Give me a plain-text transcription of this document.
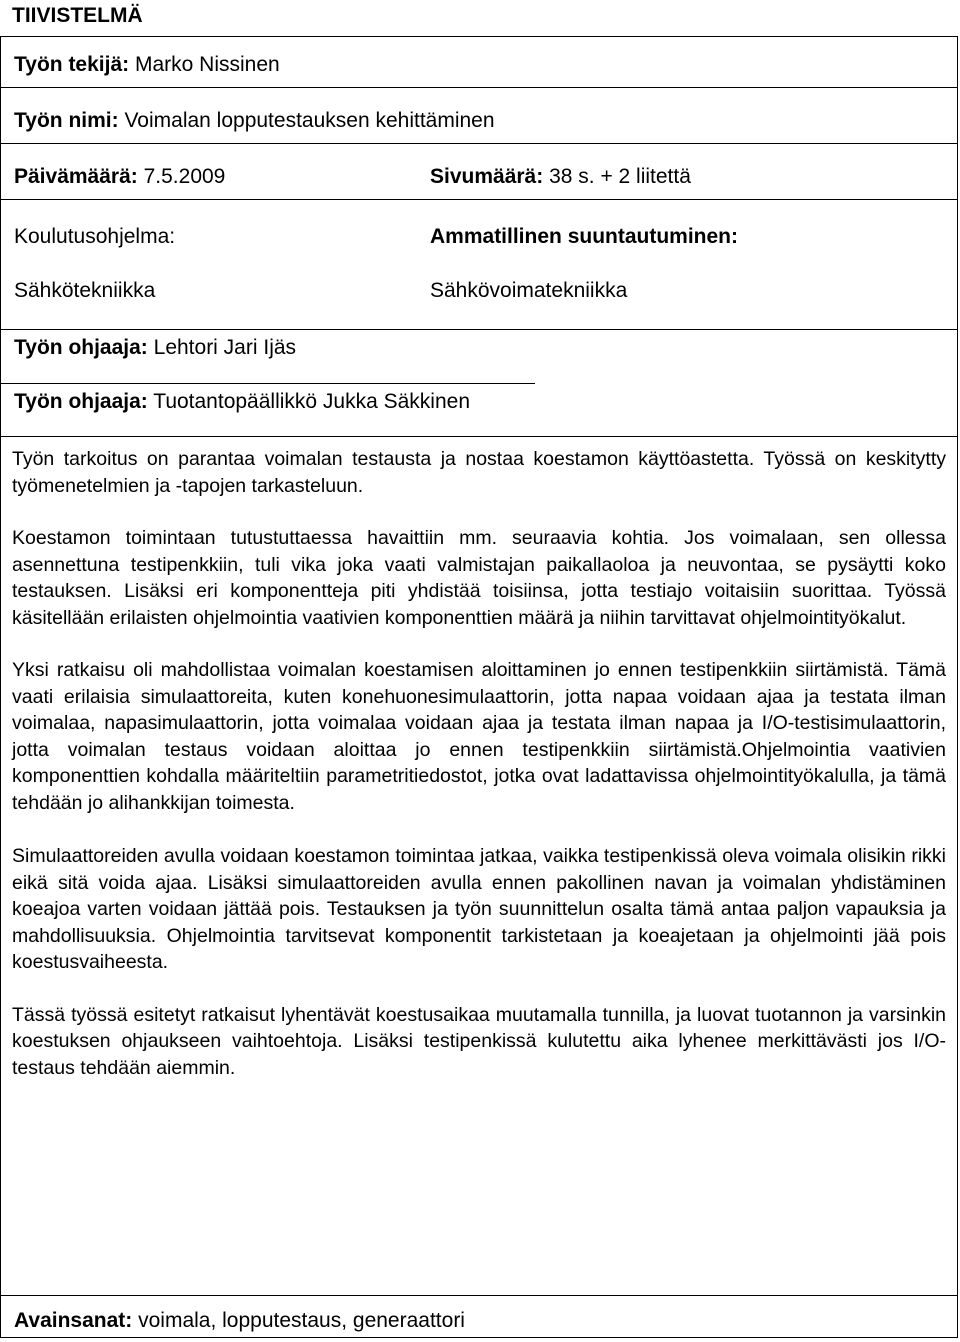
TIIVISTELMÄ
Työn tekijä: Marko Nissinen
Työn nimi: Voimalan lopputestauksen kehittäminen
Päivämäärä: 7.5.2009	Sivumäärä: 38 s. + 2 liitettä
Koulutusohjelma:
Sähkötekniikka
Ammatillinen suuntautuminen:
Sähkövoimatekniikka
Työn ohjaaja: Lehtori Jari Ijäs
Työn ohjaaja: Tuotantopäällikkö Jukka Säkkinen

Työn tarkoitus on parantaa voimalan testausta ja nostaa koestamon käyttöastetta. Työssä on keskitytty työmenetelmien ja -tapojen tarkasteluun.

Koestamon toimintaan tutustuttaessa havaittiin mm. seuraavia kohtia. Jos voimalaan, sen ollessa asennettuna testipenkkiin, tuli vika joka vaati valmistajan paikallaoloa ja neuvontaa, se pysäytti koko testauksen. Lisäksi eri komponentteja piti yhdistää toisiinsa, jotta testiajo voitaisiin suorittaa. Työssä käsitellään erilaisten ohjelmointia vaativien komponenttien määrä ja niihin tarvittavat ohjelmointityökalut.

Yksi ratkaisu oli mahdollistaa voimalan koestamisen aloittaminen jo ennen testipenkkiin siirtämistä. Tämä vaati erilaisia simulaattoreita, kuten konehuonesimulaattorin, jotta napaa voidaan ajaa ja testata ilman voimalaa, napasimulaattorin, jotta voimalaa voidaan ajaa ja testata ilman napaa ja I/O-testisimulaattorin, jotta voimalan testaus voidaan aloittaa jo ennen testipenkkiin siirtämistä.Ohjelmointia vaativien komponenttien kohdalla määriteltiin parametritiedostot, jotka ovat ladattavissa ohjelmointityökalulla, ja tämä tehdään jo alihankkijan toimesta.

Simulaattoreiden avulla voidaan koestamon toimintaa jatkaa, vaikka testipenkissä oleva voimala olisikin rikki eikä sitä voida ajaa. Lisäksi simulaattoreiden avulla ennen pakollinen navan ja voimalan yhdistäminen koeajoa varten voidaan jättää pois. Testauksen ja työn suunnittelun osalta tämä antaa paljon vapauksia ja mahdollisuuksia. Ohjelmointia tarvitsevat komponentit tarkistetaan ja koeajetaan ja ohjelmointi jää pois koestusvaiheesta.

Tässä työssä esitetyt ratkaisut lyhentävät koestusaikaa muutamalla tunnilla, ja luovat tuotannon ja varsinkin koestuksen ohjaukseen vaihtoehtoja. Lisäksi testipenkissä kulutettu aika lyhenee merkittävästi jos I/O-testaus tehdään aiemmin.

Avainsanat: voimala, lopputestaus, generaattori
